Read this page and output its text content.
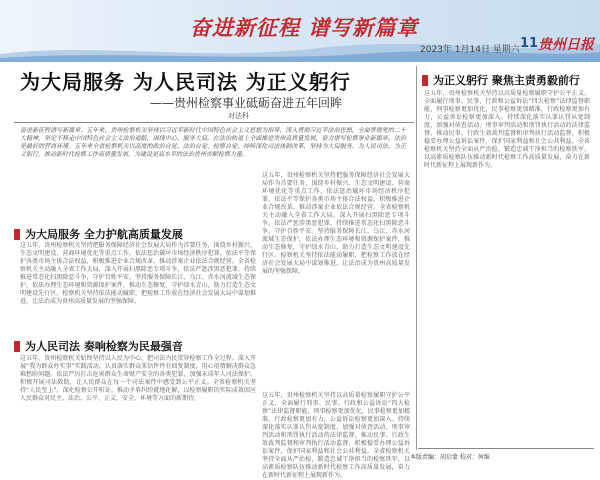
奋进新征程 谱写新篇章
2023年 1月14日 星期六 11 贵州日报
为大局服务 为人民司法 为正义躬行
——贵州检察事业砥砺奋进五年回眸
对法科
奋进新征程谱写新篇章。五年来，贵州检察机关坚持以习近平新时代中国特色社会主义思想为指导，深入贯彻习近平法治思想，全面贯彻党的二十大精神，坚定不移走中国特色社会主义法治道路，围绕中心、服务大局，在法治轨道上全面推进贵州高质量发展，奋力谱写检察事业新篇章。法治是最好的营商环境。五年来全省检察机关以高度的政治自觉、法治自觉、检察自觉，持续深化司法体制改革，坚持为大局服务、为人民司法、为正义躬行，推动新时代检察工作高质量发展，为建设更高水平的法治贵州贡献检察力量。
这五年，贵州检察机关坚持把服务保障经济社会发展大局作为首要任务，围绕乡村振兴、生态文明建设、营商环境优化等重点工作，依法惩治破坏市场经济秩序犯罪，依法平等保护各类市场主体合法权益，积极推进企业合规改革，推动涉案企业依法合规经营。全省检察机关主动融入全省工作大局，深入开展扫黑除恶专项斗争，依法严惩涉黑恶犯罪，持续推进常态化扫黑除恶斗争，守护百姓平安。坚持服务保障长江、乌江、赤水河流域生态保护，依法办理生态环境和资源保护案件，推动生态修复，守护绿水青山，助力打造生态文明建设先行区。检察机关坚持依法能动履职，把检察工作放在经济社会发展大局中谋划推进，让法治成为贵州高质量发展的坚强保障。
为大局服务 全力护航高质量发展
这五年，贵州检察机关坚持把服务保障经济社会发展大局作为首要任务，围绕乡村振兴、生态文明建设、营商环境优化等重点工作，依法惩治破坏市场经济秩序犯罪，依法平等保护各类市场主体合法权益，积极推进企业合规改革，推动涉案企业依法合规经营。全省检察机关主动融入全省工作大局，深入开展扫黑除恶专项斗争，依法严惩涉黑恶犯罪，持续推进常态化扫黑除恶斗争，守护百姓平安。坚持服务保障长江、乌江、赤水河流域生态保护，依法办理生态环境和资源保护案件，推动生态修复，守护绿水青山，助力打造生态文明建设先行区。检察机关坚持依法能动履职，把检察工作放在经济社会发展大局中谋划推进，让法治成为贵州高质量发展的坚强保障。
为人民司法 奏响检察为民最强音
这五年，贵州检察机关始终坚持以人民为中心，把司法为民贯穿检察工作全过程。深入开展“我为群众办实事”实践活动，认真落实群众来信件件有回复制度，用心用情解决群众急难愁盼问题。依法严厉打击危害群众生命财产安全的各类犯罪，加强未成年人司法保护，积极开展司法救助，让人民群众在每一个司法案件中感受到公平正义。全省检察机关坚持“人民至上”，深化检察公开听证，推动矛盾纠纷就地化解，以检察履职的实际成效回应人民群众对民主、法治、公平、正义、安全、环境等方面的新期待。
为正义躬行 聚焦主责勇毅前行
这五年，贵州检察机关坚持以高质量检察履职守护公平正义，全面履行刑事、民事、行政和公益诉讼“四大检察”法律监督职能，刑事检察更加优化，民事检察更加精准，行政检察更加有力，公益诉讼检察更加深入。持续深化落实认罪认罚从宽制度，加强对侦查活动、刑事审判活动和刑罚执行活动的法律监督，推动民事、行政生效裁判监督和审判执行活动监督，积极稳妥办理公益诉讼案件，保护国家利益和社会公共利益。全省检察机关坚持全面从严治检，锻造忠诚干净担当的检察铁军，以高素质检察队伍推动新时代检察工作高质量发展，奋力在新时代新征程上展现新作为。
这五年，贵州检察机关坚持以高质量检察履职守护公平正义，全面履行刑事、民事、行政和公益诉讼“四大检察”法律监督职能，刑事检察更加优化，民事检察更加精准，行政检察更加有力，公益诉讼检察更加深入。持续深化落实认罪认罚从宽制度，加强对侦查活动、刑事审判活动和刑罚执行活动的法律监督，推动民事、行政生效裁判监督和审判执行活动监督，积极稳妥办理公益诉讼案件，保护国家利益和社会公共利益。全省检察机关坚持全面从严治检，锻造忠诚干净担当的检察铁军，以高素质检察队伍推动新时代检察工作高质量发展，奋力在新时代新征程上展现新作为。
本版责编：胡启蒙 校对：何维
